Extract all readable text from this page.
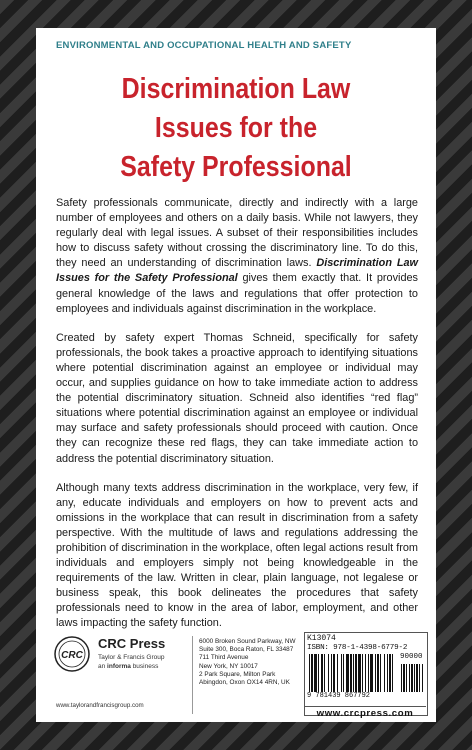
ENVIRONMENTAL AND OCCUPATIONAL HEALTH AND SAFETY
Discrimination Law
Issues for the
Safety Professional

Safety professionals communicate, directly and indirectly with a large number of employees and others on a daily basis. While not lawyers, they regularly deal with legal issues. A subset of their responsibilities includes how to discuss safety without crossing the discriminatory line. To do this, they need an understanding of discrimination laws. Discrimination Law Issues for the Safety Professional gives them exactly that. It provides general knowledge of the laws and regulations that offer protection to employees and individuals against discrimination in the workplace.

Created by safety expert Thomas Schneid, specifically for safety professionals, the book takes a proactive approach to identifying situations where potential discrimination against an employee or individual may occur, and supplies guidance on how to take immediate action to address the potential discriminatory situation. Schneid also identifies “red flag” situations where potential discrimination against an employee or individual may surface and safety professionals should proceed with caution. Once they can recognize these red flags, they can take immediate action to address the potential discriminatory situation.

Although many texts address discrimination in the workplace, very few, if any, educate individuals and employers on how to prevent acts and omissions in the workplace that can result in discrimination from a safety perspective. With the multitude of laws and regulations addressing the prohibition of discrimination in the workplace, often legal actions result from individuals and employers simply not being knowledgeable in the requirements of the law. Written in clear, plain language, not legalese or business speak, this book delineates the procedures that safety professionals need to know in the area of labor, employment, and other laws impacting the safety function.

CRC
CRC Press
Taylor & Francis Group
an informa business
www.taylorandfrancisgroup.com
6000 Broken Sound Parkway, NW
Suite 300, Boca Raton, FL 33487
711 Third Avenue
New York, NY 10017
2 Park Square, Milton Park
Abingdon, Oxon OX14 4RN, UK
K13074
ISBN: 978-1-4398-6779-2
90000
9 781439 867792
www.crcpress.com
